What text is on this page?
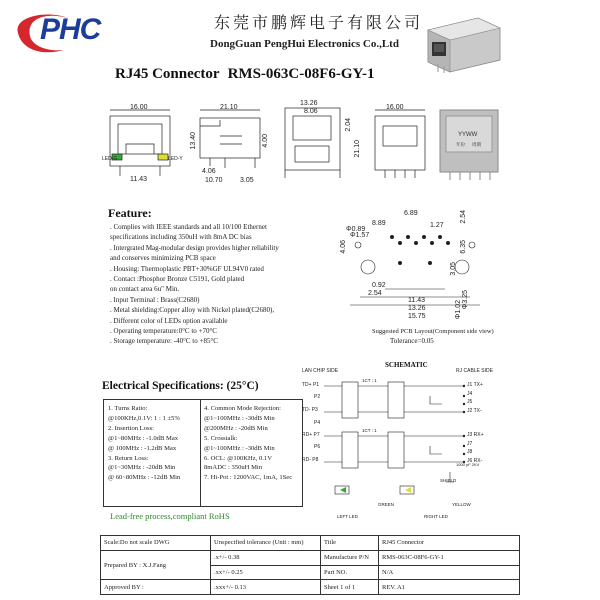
PHC	东莞市鹏辉电子有限公司
DongGuan PengHui Electronics Co.,Ltd
RJ45 Connector RMS-063C-08F6-GY-1
YYWW
年份 周期
16.00
11.43
LED-G	LED-Y
21.10
13.40
4.06
10.70 3.05
13.26
8.06
4.00
2.04
16.00
21.10
Feature:
. Complies with IEEE standards and all 10/100 Ethernet
specifications including 350uH with 8mA DC bias
. Intergrated Mag-modular design provides higher reliability
and conserves minimizing PCB space
. Housing: Thermoplastic PBT+30%GF UL94V0 rated
. Contact :Phosphor Bronze C5191, Gold plated
on contact area 6u" Min.
. Input Terminal : Brass(C2680)
. Metal shielding:Copper alloy with Nickel plated(C2680),
. Different color of LEDs option available
. Operating temperature:0°C to +70°C
. Storage temperature: -40°C to +85°C
6.89
8.89	1.27
2.54
Φ3.25
Φ1.02
6.35
4.06
0.92
2.54
3.05
11.43
13.26
15.75
Φ1.57
Φ0.89
Suggested PCB Layout(Component side view)
Tolerance=0.05
Electrical Specifications: (25°C)
1. Turns Ratio:
@100KHz,0.1V: 1 : 1 ±5%
2. Insertion Loss:
@1~80MHz : -1.0dB Max
@ 100MHz : -1.2dB Max
3. Return Loss:
@1~30MHz : -20dB Min
@ 60~80MHz : -12dB Min
4. Common Mode Rejection:
@1~100MHz : -30dB Min
@200MHz : -20dB Min
5. Crosstalk:
@1~100MHz : -30dB Min
6. OCL: @100KHz, 0.1V
8mADC : 350uH Min
7. Hi-Pot : 1200VAC, 1mA, 1Sec
Lead-free process,compliant RoHS
SCHEMATIC
LAN CHIP SIDE	RJ CABLE SIDE
TD+ P1
P2
TD- P3
P4
RD+ P7
P6
RD- P8
J1 TX+
J4
J5
J2 TX-
J3 RX+
J7
J8
J6 RX-
1CT : 1
1CT : 1
1000 pF 2KV
SHIELD
GREEN	YELLOW
LEFT LED	RIGHT LED
Scale:Do not scale DWG	Unspecified tolerance (Unit : mm)	Title	RJ45 Connector
Prepared BY : X.J.Fang	.x+/- 0.38	Manufacture P/N	RMS-063C-08F6-GY-1
	.xx+/- 0.25	Part NO.	N/A
Approved BY :	.xxx+/- 0.13	Sheet 1 of 1	REV. A1
